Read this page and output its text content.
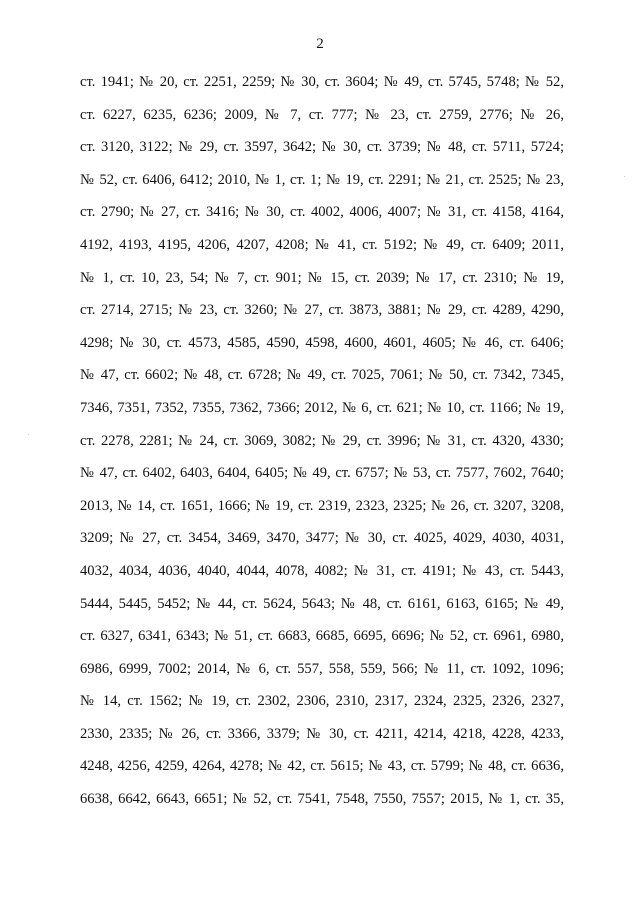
2
ст. 1941; № 20, ст. 2251, 2259; № 30, ст. 3604; № 49, ст. 5745, 5748; № 52,
ст. 6227, 6235, 6236; 2009, № 7, ст. 777; № 23, ст. 2759, 2776; № 26,
ст. 3120, 3122; № 29, ст. 3597, 3642; № 30, ст. 3739; № 48, ст. 5711, 5724;
№ 52, ст. 6406, 6412; 2010, № 1, ст. 1; № 19, ст. 2291; № 21, ст. 2525; № 23,
ст. 2790; № 27, ст. 3416; № 30, ст. 4002, 4006, 4007; № 31, ст. 4158, 4164,
4192, 4193, 4195, 4206, 4207, 4208; № 41, ст. 5192; № 49, ст. 6409; 2011,
№ 1, ст. 10, 23, 54; № 7, ст. 901; № 15, ст. 2039; № 17, ст. 2310; № 19,
ст. 2714, 2715; № 23, ст. 3260; № 27, ст. 3873, 3881; № 29, ст. 4289, 4290,
4298; № 30, ст. 4573, 4585, 4590, 4598, 4600, 4601, 4605; № 46, ст. 6406;
№ 47, ст. 6602; № 48, ст. 6728; № 49, ст. 7025, 7061; № 50, ст. 7342, 7345,
7346, 7351, 7352, 7355, 7362, 7366; 2012, № 6, ст. 621; № 10, ст. 1166; № 19,
ст. 2278, 2281; № 24, ст. 3069, 3082; № 29, ст. 3996; № 31, ст. 4320, 4330;
№ 47, ст. 6402, 6403, 6404, 6405; № 49, ст. 6757; № 53, ст. 7577, 7602, 7640;
2013, № 14, ст. 1651, 1666; № 19, ст. 2319, 2323, 2325; № 26, ст. 3207, 3208,
3209; № 27, ст. 3454, 3469, 3470, 3477; № 30, ст. 4025, 4029, 4030, 4031,
4032, 4034, 4036, 4040, 4044, 4078, 4082; № 31, ст. 4191; № 43, ст. 5443,
5444, 5445, 5452; № 44, ст. 5624, 5643; № 48, ст. 6161, 6163, 6165; № 49,
ст. 6327, 6341, 6343; № 51, ст. 6683, 6685, 6695, 6696; № 52, ст. 6961, 6980,
6986, 6999, 7002; 2014, № 6, ст. 557, 558, 559, 566; № 11, ст. 1092, 1096;
№ 14, ст. 1562; № 19, ст. 2302, 2306, 2310, 2317, 2324, 2325, 2326, 2327,
2330, 2335; № 26, ст. 3366, 3379; № 30, ст. 4211, 4214, 4218, 4228, 4233,
4248, 4256, 4259, 4264, 4278; № 42, ст. 5615; № 43, ст. 5799; № 48, ст. 6636,
6638, 6642, 6643, 6651; № 52, ст. 7541, 7548, 7550, 7557; 2015, № 1, ст. 35,
